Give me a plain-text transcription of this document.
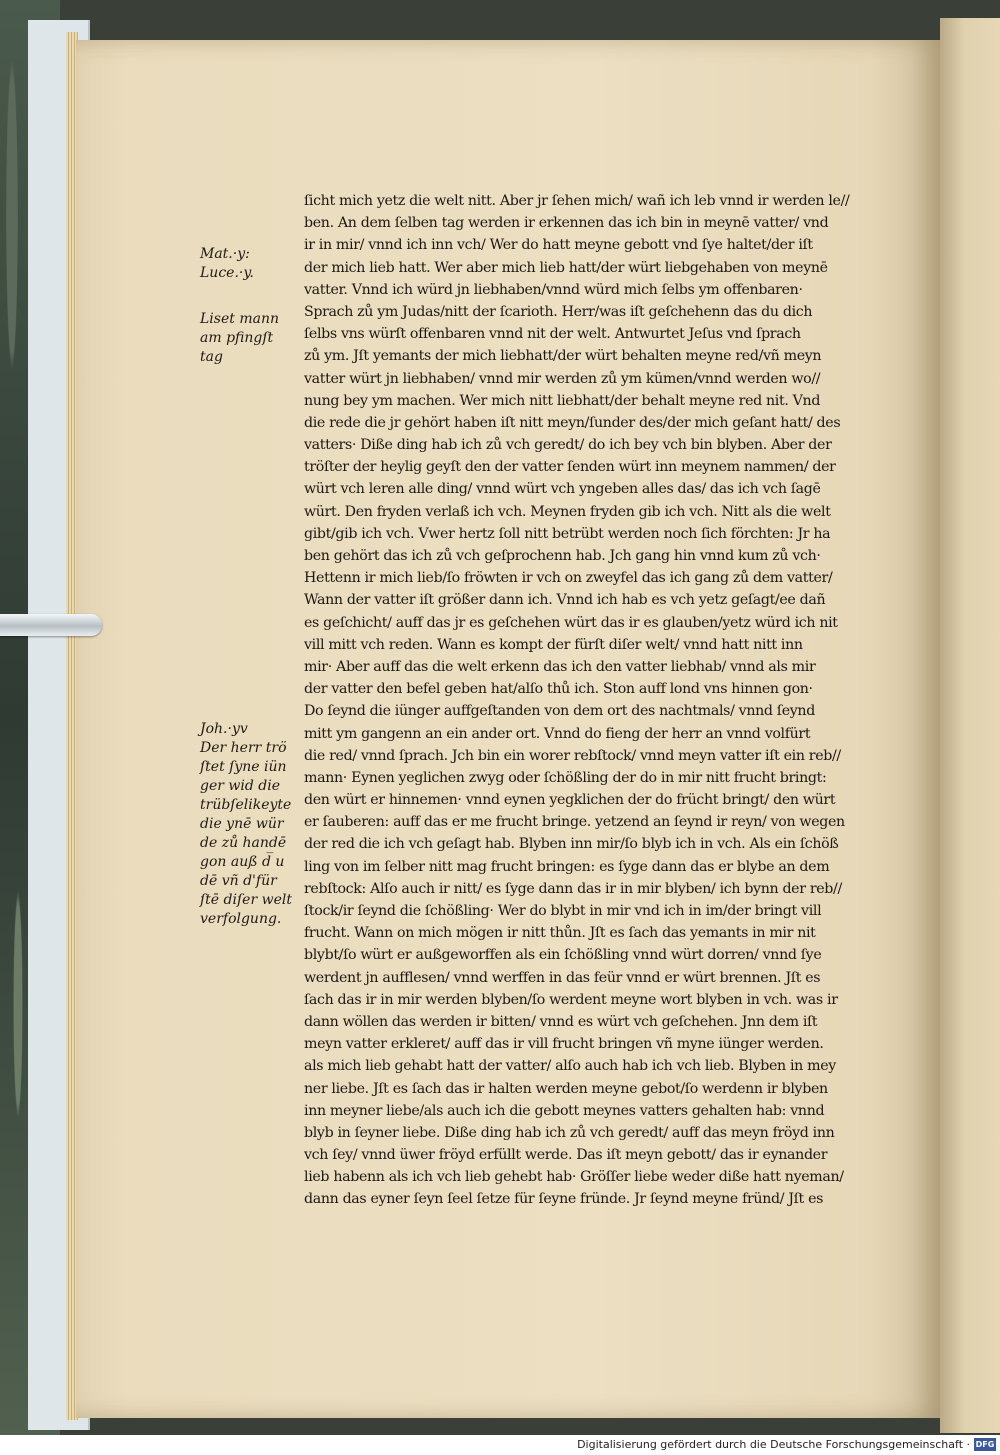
Mat.·y:
Luce.·y.
Liset mann
am pfingſt
tag
Joh.·yv
Der herr trö
ſtet ſyne iün
ger wid die
trübſelikeyte
die ynē wür
de zů handē
gon auß d̅ u
dē vñ d'für
ſtē diſer welt
verfolgung.
ſicht mich yetz die welt nitt. Aber jr ſehen mich/ wañ ich leb vnnd ir werden le//
ben. An dem ſelben tag werden ir erkennen das ich bin in meynē vatter/ vnd
ir in mir/ vnnd ich inn vch/ Wer do hatt meyne gebott vnd ſye haltet/der iſt
der mich lieb hatt. Wer aber mich lieb hatt/der würt liebgehaben von meynē
vatter. Vnnd ich würd jn liebhaben/vnnd würd mich ſelbs ym offenbaren·
Sprach zů ym Judas/nitt der ſcarioth. Herr/was iſt geſchehenn das du dich
ſelbs vns würſt offenbaren vnnd nit der welt. Antwurtet Jeſus vnd ſprach
zů ym. Jſt yemants der mich liebhatt/der würt behalten meyne red/vñ meyn
vatter würt jn liebhaben/ vnnd mir werden zů ym kümen/vnnd werden wo//
nung bey ym machen. Wer mich nitt liebhatt/der behalt meyne red nit. Vnd
die rede die jr gehört haben iſt nitt meyn/ſunder des/der mich geſant hatt/ des
vatters· Diße ding hab ich zů vch geredt/ do ich bey vch bin blyben. Aber der
tröſter der heylig geyſt den der vatter ſenden würt inn meynem nammen/ der
würt vch leren alle ding/ vnnd würt vch yngeben alles das/ das ich vch ſagē
würt. Den fryden verlaß ich vch. Meynen fryden gib ich vch. Nitt als die welt
gibt/gib ich vch. Vwer hertz ſoll nitt betrübt werden noch ſich förchten: Jr ha
ben gehört das ich zů vch geſprochenn hab. Jch gang hin vnnd kum zů vch·
Hettenn ir mich lieb/ſo fröwten ir vch on zweyfel das ich gang zů dem vatter/
Wann der vatter iſt größer dann ich. Vnnd ich hab es vch yetz geſagt/ee dañ
es geſchicht/ auff das jr es geſchehen würt das ir es glauben/yetz würd ich nit
vill mitt vch reden. Wann es kompt der fürſt diſer welt/ vnnd hatt nitt inn
mir· Aber auff das die welt erkenn das ich den vatter liebhab/ vnnd als mir
der vatter den befel geben hat/alſo thů ich. Ston auff lond vns hinnen gon·
Do ſeynd die iünger auffgeſtanden von dem ort des nachtmals/ vnnd ſeynd
mitt ym gangenn an ein ander ort. Vnnd do fieng der herr an vnnd volfürt
die red/ vnnd ſprach. Jch bin ein worer rebſtock/ vnnd meyn vatter iſt ein reb//
mann· Eynen yeglichen zwyg oder ſchößling der do in mir nitt frucht bringt:
den würt er hinnemen· vnnd eynen yegklichen der do frücht bringt/ den würt
er ſauberen: auff das er me frucht bringe. yetzend an ſeynd ir reyn/ von wegen
der red die ich vch geſagt hab. Blyben inn mir/ſo blyb ich in vch. Als ein ſchöß
ling von im ſelber nitt mag frucht bringen: es ſyge dann das er blybe an dem
rebſtock: Alſo auch ir nitt/ es ſyge dann das ir in mir blyben/ ich bynn der reb//
ſtock/ir ſeynd die ſchößling· Wer do blybt in mir vnd ich in im/der bringt vill
frucht. Wann on mich mögen ir nitt thůn. Jſt es ſach das yemants in mir nit
blybt/ſo würt er außgeworffen als ein ſchößling vnnd würt dorren/ vnnd ſye
werdent jn aufflesen/ vnnd werffen in das feür vnnd er würt brennen. Jſt es
ſach das ir in mir werden blyben/ſo werdent meyne wort blyben in vch. was ir
dann wöllen das werden ir bitten/ vnnd es würt vch geſchehen. Jnn dem iſt
meyn vatter erkleret/ auff das ir vill frucht bringen vñ myne iünger werden.
als mich lieb gehabt hatt der vatter/ alſo auch hab ich vch lieb. Blyben in mey
ner liebe. Jſt es ſach das ir halten werden meyne gebot/ſo werdenn ir blyben
inn meyner liebe/als auch ich die gebott meynes vatters gehalten hab: vnnd
blyb in ſeyner liebe. Diße ding hab ich zů vch geredt/ auff das meyn fröyd inn
vch ſey/ vnnd üwer fröyd erfüllt werde. Das iſt meyn gebott/ das ir eynander
lieb habenn als ich vch lieb gehebt hab· Gröſſer liebe weder diße hatt nyeman/
dann das eyner ſeyn ſeel ſetze für ſeyne fründe. Jr ſeynd meyne fründ/ Jſt es
Digitalisierung gefördert durch die Deutsche Forschungsgemeinschaft · DFG
